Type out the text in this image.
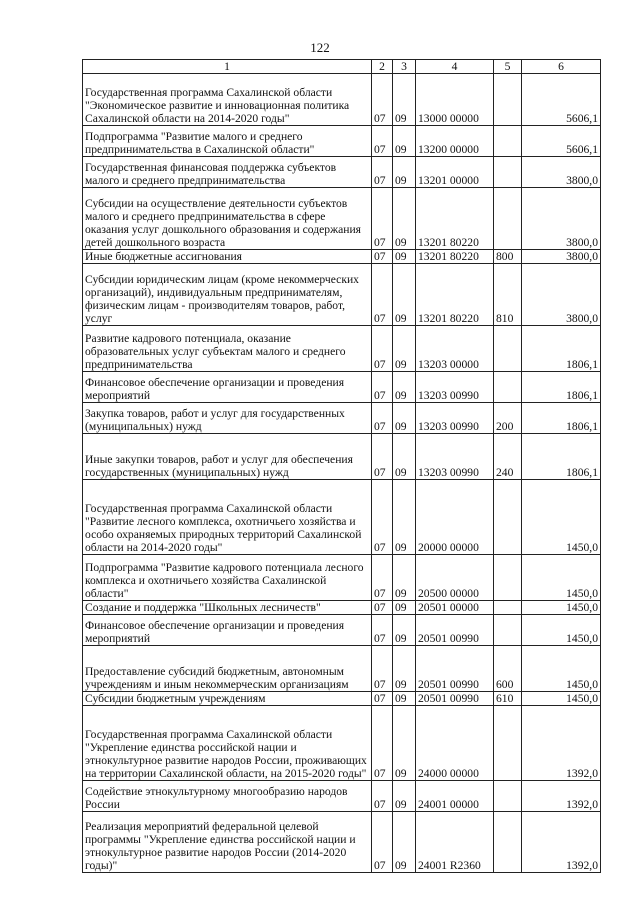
122
1	2	3	4	5	6
Государственная программа Сахалинской области "Экономическое развитие и инновационная политика Сахалинской области на 2014-2020 годы"	07	09	13000 00000		5606,1
Подпрограмма "Развитие малого и среднего предпринимательства в Сахалинской области"	07	09	13200 00000		5606,1
Государственная финансовая поддержка субъектов малого и среднего предпринимательства	07	09	13201 00000		3800,0
Субсидии на осуществление деятельности субъектов малого и среднего предпринимательства в сфере оказания услуг дошкольного образования и содержания детей дошкольного возраста	07	09	13201 80220		3800,0
Иные бюджетные ассигнования	07	09	13201 80220	800	3800,0
Субсидии юридическим лицам (кроме некоммерческих организаций), индивидуальным предпринимателям, физическим лицам - производителям товаров, работ, услуг	07	09	13201 80220	810	3800,0
Развитие кадрового потенциала, оказание образовательных услуг субъектам малого и среднего предпринимательства	07	09	13203 00000		1806,1
Финансовое обеспечение организации и проведения мероприятий	07	09	13203 00990		1806,1
Закупка товаров, работ и услуг для государственных (муниципальных) нужд	07	09	13203 00990	200	1806,1
Иные закупки товаров, работ и услуг для обеспечения государственных (муниципальных) нужд	07	09	13203 00990	240	1806,1
Государственная программа Сахалинской области "Развитие лесного комплекса, охотничьего хозяйства и особо охраняемых природных территорий Сахалинской области на 2014-2020 годы"	07	09	20000 00000		1450,0
Подпрограмма "Развитие кадрового потенциала лесного комплекса и охотничьего хозяйства Сахалинской области"	07	09	20500 00000		1450,0
Создание и поддержка "Школьных лесничеств"	07	09	20501 00000		1450,0
Финансовое обеспечение организации и проведения мероприятий	07	09	20501 00990		1450,0
Предоставление субсидий бюджетным, автономным учреждениям и иным некоммерческим организациям	07	09	20501 00990	600	1450,0
Субсидии бюджетным учреждениям	07	09	20501 00990	610	1450,0
Государственная программа Сахалинской области "Укрепление единства российской нации и этнокультурное развитие народов России, проживающих на территории Сахалинской области, на 2015-2020 годы"	07	09	24000 00000		1392,0
Содействие этнокультурному многообразию народов России	07	09	24001 00000		1392,0
Реализация мероприятий федеральной целевой программы "Укрепление единства российской нации и этнокультурное развитие народов России (2014-2020 годы)"	07	09	24001 R2360		1392,0
